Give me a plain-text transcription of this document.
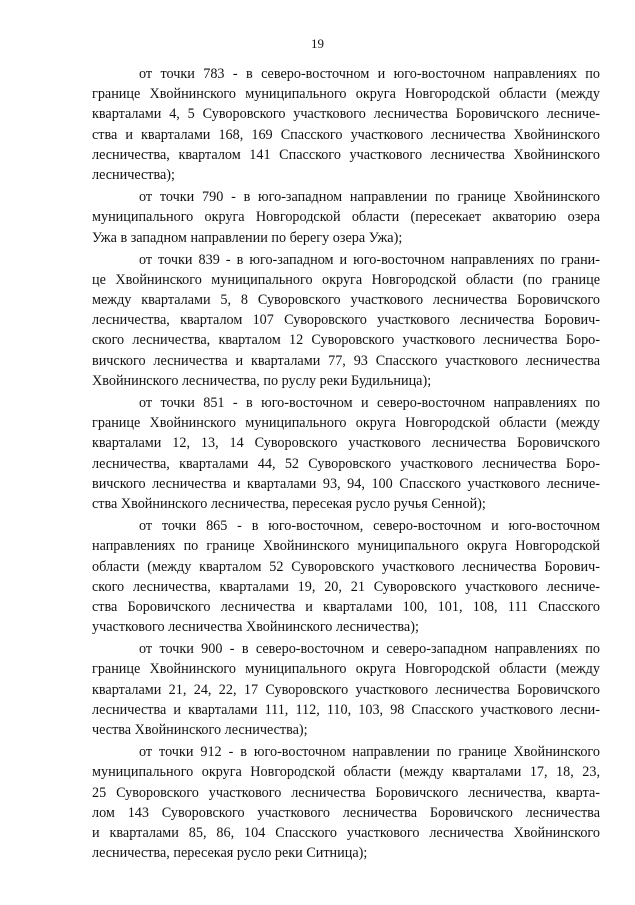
19
от точки 783 - в северо-восточном и юго-восточном направлениях по
границе Хвойнинского муниципального округа Новгородской области (между
кварталами 4, 5 Суворовского участкового лесничества Боровичского лесниче-
ства и кварталами 168, 169 Спасского участкового лесничества Хвойнинского
лесничества, кварталом 141 Спасского участкового лесничества Хвойнинского
лесничества);
от точки 790 - в юго-западном направлении по границе Хвойнинского
муниципального округа Новгородской области (пересекает акваторию озера
Ужа в западном направлении по берегу озера Ужа);
от точки 839 - в юго-западном и юго-восточном направлениях по грани-
це Хвойнинского муниципального округа Новгородской области (по границе
между кварталами 5, 8 Суворовского участкового лесничества Боровичского
лесничества, кварталом 107 Суворовского участкового лесничества Борович-
ского лесничества, кварталом 12 Суворовского участкового лесничества Боро-
вичского лесничества и кварталами 77, 93 Спасского участкового лесничества
Хвойнинского лесничества, по руслу реки Будильница);
от точки 851 - в юго-восточном и северо-восточном направлениях по
границе Хвойнинского муниципального округа Новгородской области (между
кварталами 12, 13, 14 Суворовского участкового лесничества Боровичского
лесничества, кварталами 44, 52 Суворовского участкового лесничества Боро-
вичского лесничества и кварталами 93, 94, 100 Спасского участкового лесниче-
ства Хвойнинского лесничества, пересекая русло ручья Сенной);
от точки 865 - в юго-восточном, северо-восточном и юго-восточном
направлениях по границе Хвойнинского муниципального округа Новгородской
области (между кварталом 52 Суворовского участкового лесничества Борович-
ского лесничества, кварталами 19, 20, 21 Суворовского участкового лесниче-
ства Боровичского лесничества и кварталами 100, 101, 108, 111 Спасского
участкового лесничества Хвойнинского лесничества);
от точки 900 - в северо-восточном и северо-западном направлениях по
границе Хвойнинского муниципального округа Новгородской области (между
кварталами 21, 24, 22, 17 Суворовского участкового лесничества Боровичского
лесничества и кварталами 111, 112, 110, 103, 98 Спасского участкового лесни-
чества Хвойнинского лесничества);
от точки 912 - в юго-восточном направлении по границе Хвойнинского
муниципального округа Новгородской области (между кварталами 17, 18, 23,
25 Суворовского участкового лесничества Боровичского лесничества, кварта-
лом 143 Суворовского участкового лесничества Боровичского лесничества
и кварталами 85, 86, 104 Спасского участкового лесничества Хвойнинского
лесничества, пересекая русло реки Ситница);
